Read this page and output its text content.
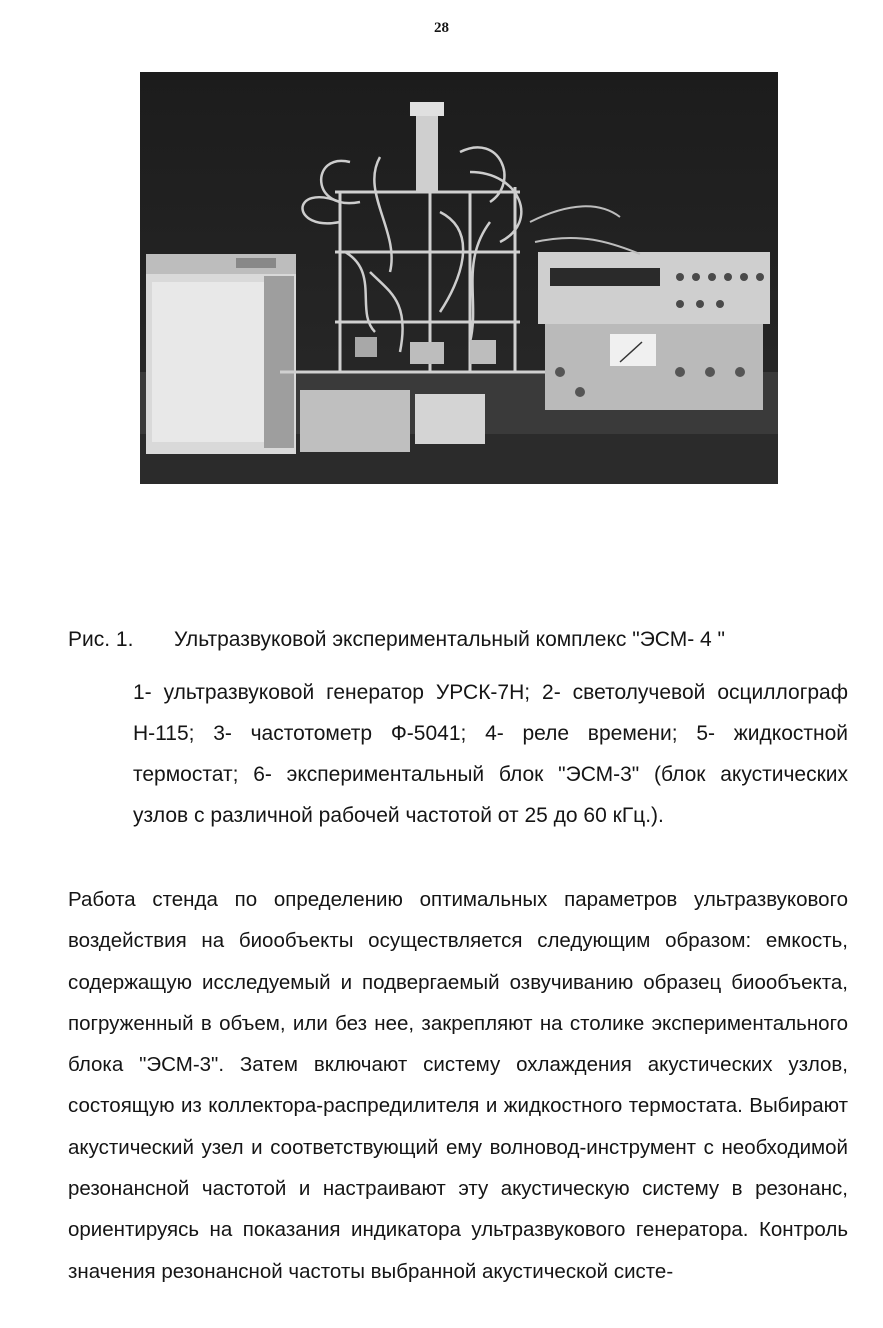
28
Рис. 1. Ультразвуковой экспериментальный комплекс "ЭСМ- 4 "
1- ультразвуковой генератор УРСК-7Н; 2- светолучевой осциллограф Н-115; 3- частотометр Ф-5041; 4- реле времени; 5- жидкостной термостат; 6- экспериментальный блок "ЭСМ-3" (блок акустических узлов с различной рабочей частотой от 25 до 60 кГц.).

Работа стенда по определению оптимальных параметров ультразвукового воздействия на биообъекты осуществляется следующим образом: емкость, содержащую исследуемый и подвергаемый озвучиванию образец биообъекта, погруженный в объем, или без нее, закрепляют на столике экспериментального блока "ЭСМ-3". Затем включают систему охлаждения акустических узлов, состоящую из коллектора-распредилителя и жидкостного термостата. Выбирают акустический узел и соответствующий ему волновод-инструмент с необходимой резонансной частотой и настраивают эту акустическую систему в резонанс, ориентируясь на показания индикатора ультразвукового генератора. Контроль значения резонансной частоты выбранной акустической систе-
